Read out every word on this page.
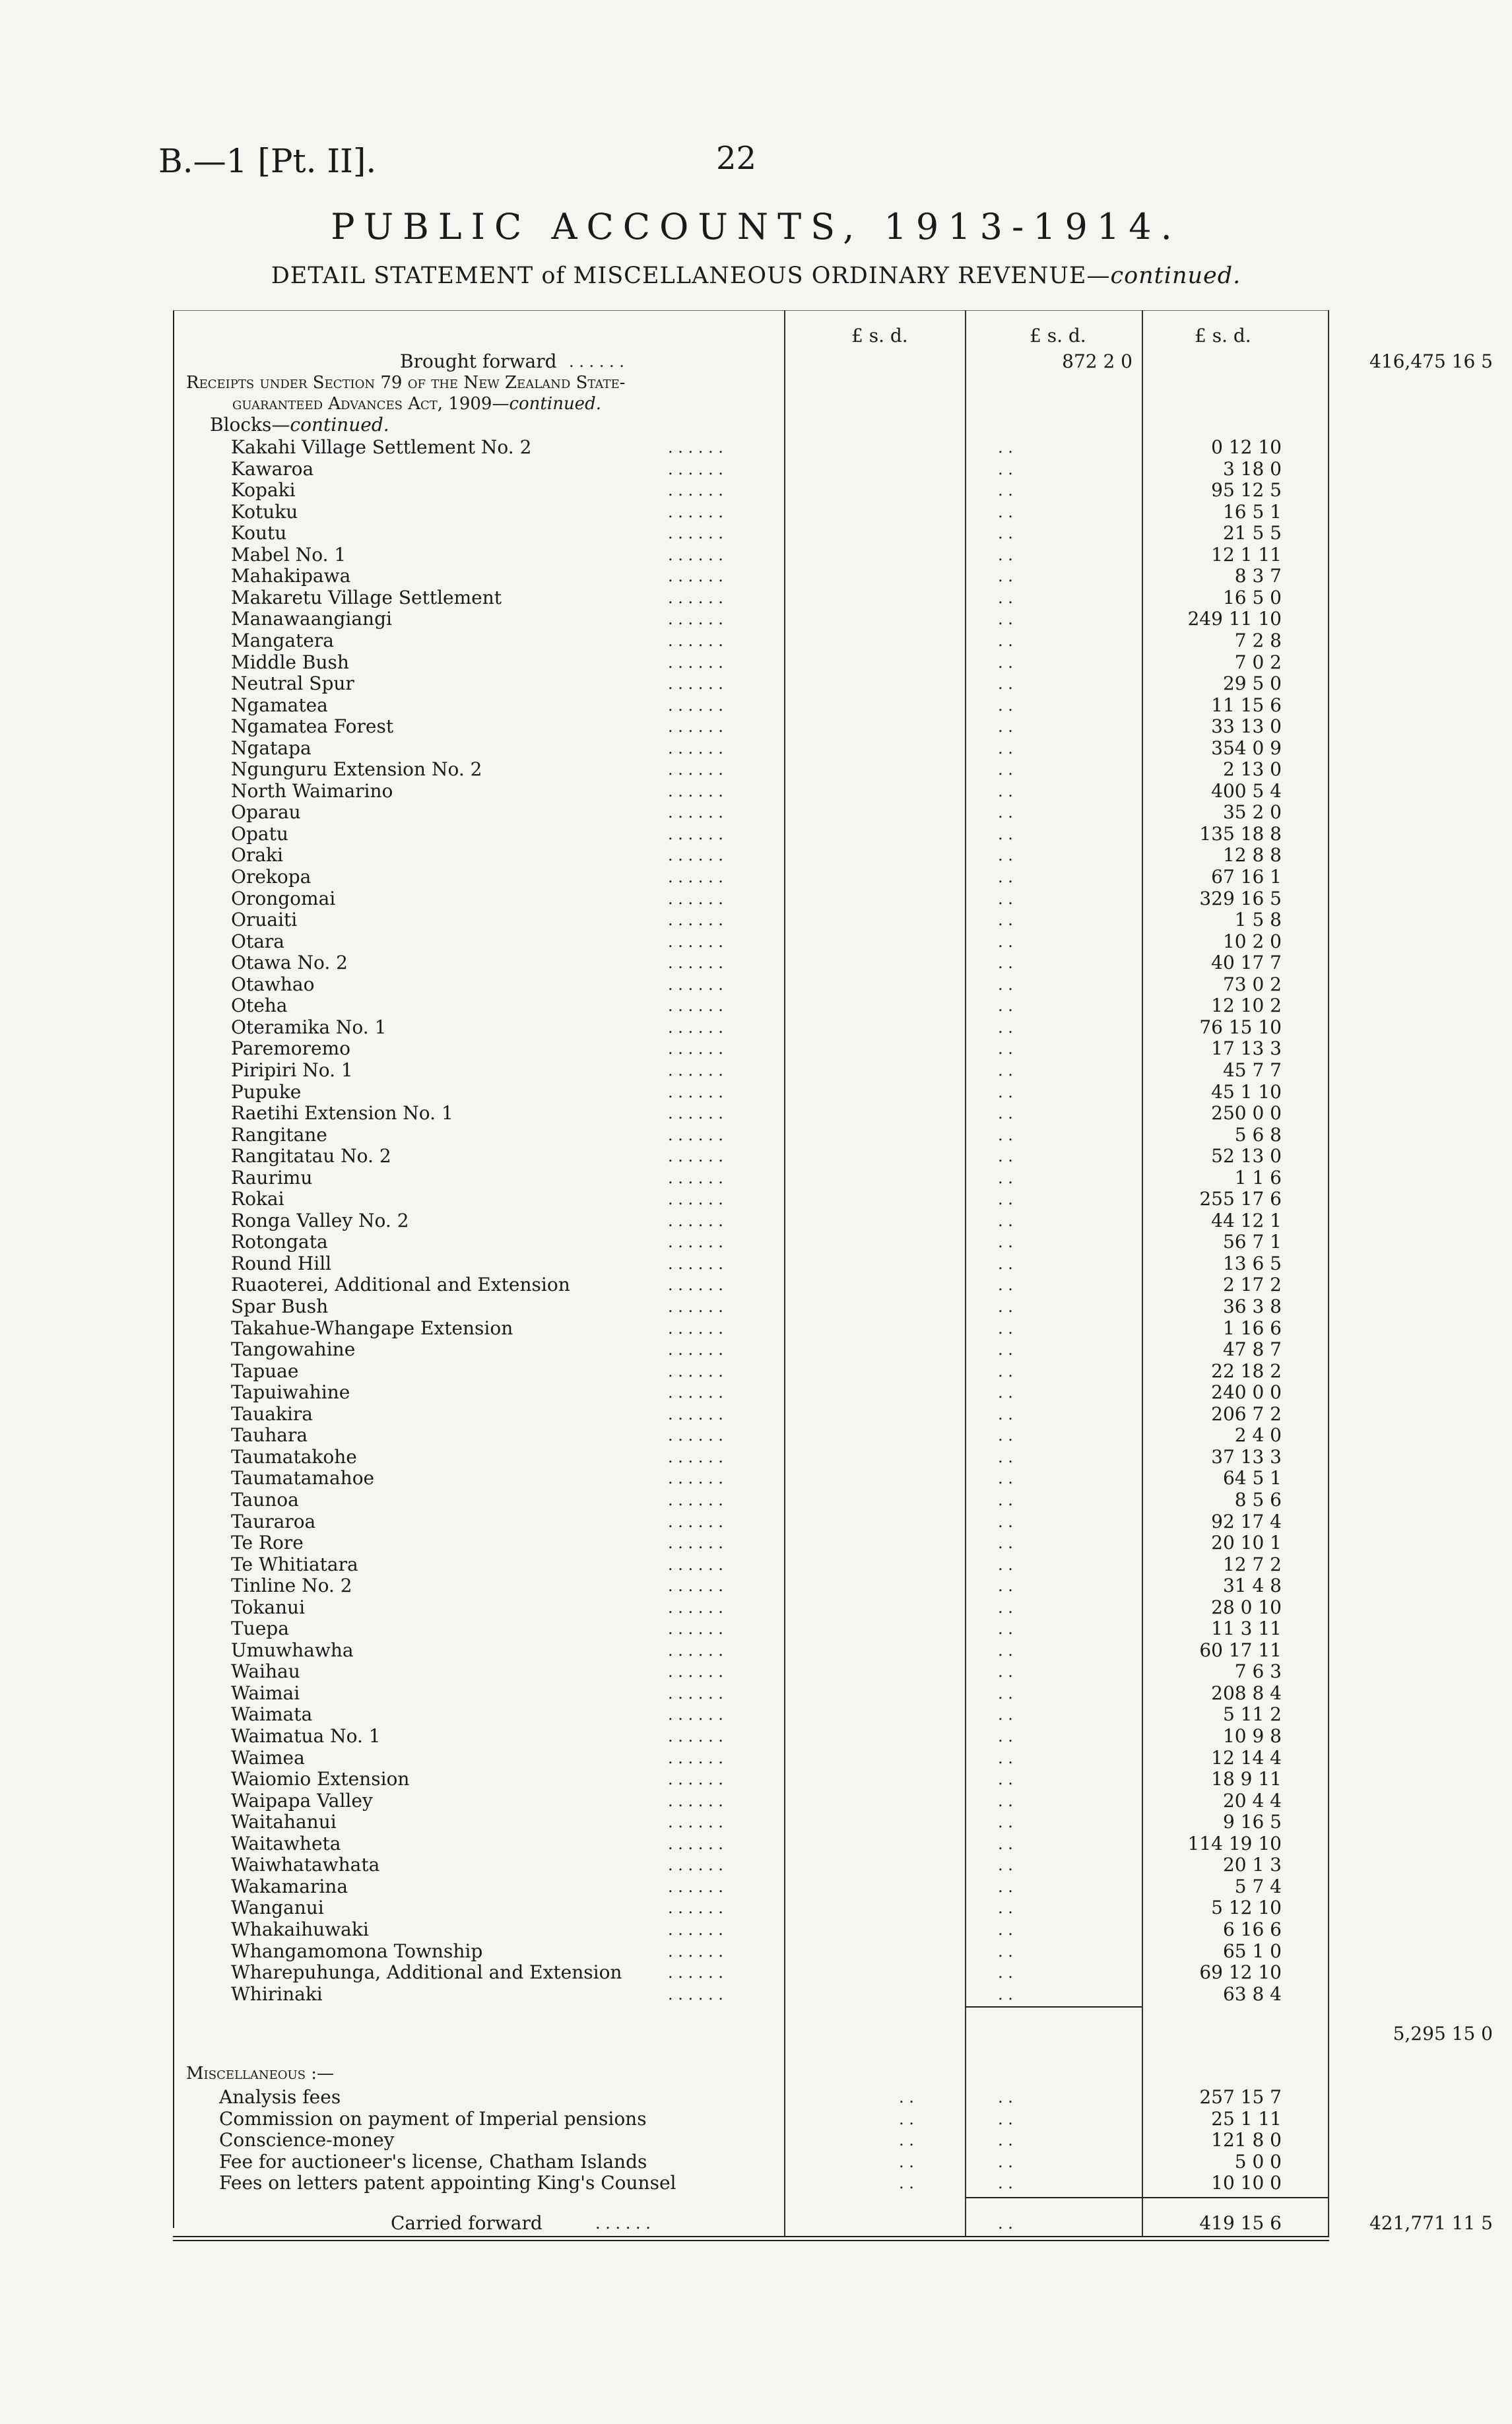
B.—1 [Pt. II].	22
PUBLIC ACCOUNTS, 1913-1914.
DETAIL STATEMENT of MISCELLANEOUS ORDINARY REVENUE—continued.
£ s. d.	£ s. d.	£ s. d.
Brought forward . . . . . .	872 2 0	416,475 16 5
Receipts under Section 79 of the New Zealand State-
guaranteed Advances Act, 1909—continued.
Blocks—continued.
Kakahi Village Settlement No. 2	. . . . . .	. .	0 12 10
Kawaroa	. . . . . .	. .	3 18 0
Kopaki	. . . . . .	. .	95 12 5
Kotuku	. . . . . .	. .	16 5 1
Koutu	. . . . . .	. .	21 5 5
Mabel No. 1	. . . . . .	. .	12 1 11
Mahakipawa	. . . . . .	. .	8 3 7
Makaretu Village Settlement	. . . . . .	. .	16 5 0
Manawaangiangi	. . . . . .	. .	249 11 10
Mangatera	. . . . . .	. .	7 2 8
Middle Bush	. . . . . .	. .	7 0 2
Neutral Spur	. . . . . .	. .	29 5 0
Ngamatea	. . . . . .	. .	11 15 6
Ngamatea Forest	. . . . . .	. .	33 13 0
Ngatapa	. . . . . .	. .	354 0 9
Ngunguru Extension No. 2	. . . . . .	. .	2 13 0
North Waimarino	. . . . . .	. .	400 5 4
Oparau	. . . . . .	. .	35 2 0
Opatu	. . . . . .	. .	135 18 8
Oraki	. . . . . .	. .	12 8 8
Orekopa	. . . . . .	. .	67 16 1
Orongomai	. . . . . .	. .	329 16 5
Oruaiti	. . . . . .	. .	1 5 8
Otara	. . . . . .	. .	10 2 0
Otawa No. 2	. . . . . .	. .	40 17 7
Otawhao	. . . . . .	. .	73 0 2
Oteha	. . . . . .	. .	12 10 2
Oteramika No. 1	. . . . . .	. .	76 15 10
Paremoremo	. . . . . .	. .	17 13 3
Piripiri No. 1	. . . . . .	. .	45 7 7
Pupuke	. . . . . .	. .	45 1 10
Raetihi Extension No. 1	. . . . . .	. .	250 0 0
Rangitane	. . . . . .	. .	5 6 8
Rangitatau No. 2	. . . . . .	. .	52 13 0
Raurimu	. . . . . .	. .	1 1 6
Rokai	. . . . . .	. .	255 17 6
Ronga Valley No. 2	. . . . . .	. .	44 12 1
Rotongata	. . . . . .	. .	56 7 1
Round Hill	. . . . . .	. .	13 6 5
Ruaoterei, Additional and Extension	. . . . . .	. .	2 17 2
Spar Bush	. . . . . .	. .	36 3 8
Takahue-Whangape Extension	. . . . . .	. .	1 16 6
Tangowahine	. . . . . .	. .	47 8 7
Tapuae	. . . . . .	. .	22 18 2
Tapuiwahine	. . . . . .	. .	240 0 0
Tauakira	. . . . . .	. .	206 7 2
Tauhara	. . . . . .	. .	2 4 0
Taumatakohe	. . . . . .	. .	37 13 3
Taumatamahoe	. . . . . .	. .	64 5 1
Taunoa	. . . . . .	. .	8 5 6
Tauraroa	. . . . . .	. .	92 17 4
Te Rore	. . . . . .	. .	20 10 1
Te Whitiatara	. . . . . .	. .	12 7 2
Tinline No. 2	. . . . . .	. .	31 4 8
Tokanui	. . . . . .	. .	28 0 10
Tuepa	. . . . . .	. .	11 3 11
Umuwhawha	. . . . . .	. .	60 17 11
Waihau	. . . . . .	. .	7 6 3
Waimai	. . . . . .	. .	208 8 4
Waimata	. . . . . .	. .	5 11 2
Waimatua No. 1	. . . . . .	. .	10 9 8
Waimea	. . . . . .	. .	12 14 4
Waiomio Extension	. . . . . .	. .	18 9 11
Waipapa Valley	. . . . . .	. .	20 4 4
Waitahanui	. . . . . .	. .	9 16 5
Waitawheta	. . . . . .	. .	114 19 10
Waiwhatawhata	. . . . . .	. .	20 1 3
Wakamarina	. . . . . .	. .	5 7 4
Wanganui	. . . . . .	. .	5 12 10
Whakaihuwaki	. . . . . .	. .	6 16 6
Whangamomona Township	. . . . . .	. .	65 1 0
Wharepuhunga, Additional and Extension	. . . . . .	. .	69 12 10
Whirinaki	. . . . . .	. .	63 8 4
5,295 15 0
Miscellaneous :—
Analysis fees	. .	. .	257 15 7
Commission on payment of Imperial pensions	. .	. .	25 1 11
Conscience-money	. .	. .	121 8 0
Fee for auctioneer's license, Chatham Islands	. .	. .	5 0 0
Fees on letters patent appointing King's Counsel	. .	. .	10 10 0
Carried forward	. . . . . .	. .	419 15 6	421,771 11 5
